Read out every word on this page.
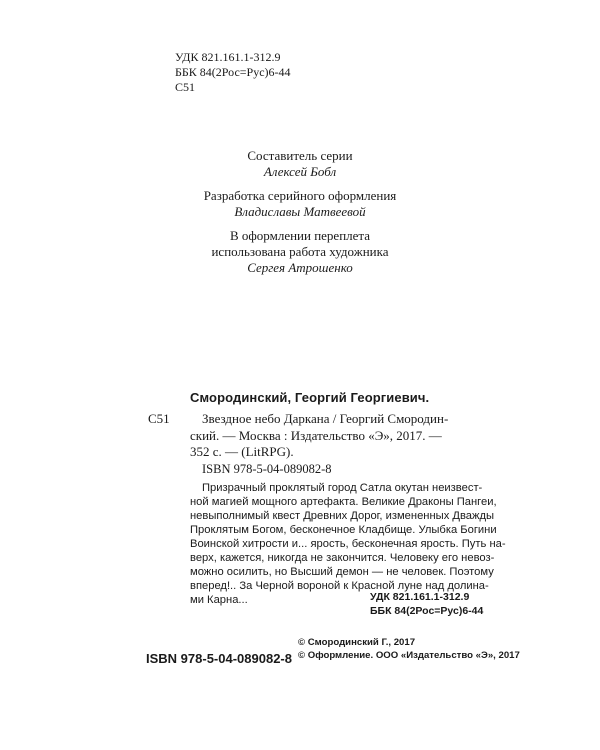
УДК 821.161.1-312.9
ББК 84(2Рос=Рус)6-44
С51
Составитель серии
Алексей Бобл
Разработка серийного оформления
Владиславы Матвеевой
В оформлении переплета
использована работа художника
Сергея Атрошенко
Смородинский, Георгий Георгиевич.
С51	Звездное небо Даркана / Георгий Смородин-
ский. — Москва : Издательство «Э», 2017. —
352 с. — (LitRPG).
ISBN 978-5-04-089082-8
Призрачный проклятый город Сатла окутан неизвест-
ной магией мощного артефакта. Великие Драконы Пангеи,
невыполнимый квест Древних Дорог, измененных Дважды
Проклятым Богом, бесконечное Кладбище. Улыбка Богини
Воинской хитрости и... ярость, бесконечная ярость. Путь на-
верх, кажется, никогда не закончится. Человеку его невоз-
можно осилить, но Высший демон — не человек. Поэтому
вперед!.. За Черной вороной к Красной луне над долина-
ми Карна...	УДК 821.161.1-312.9
ББК 84(2Рос=Рус)6-44
ISBN 978-5-04-089082-8
© Смородинский Г., 2017
© Оформление. ООО «Издательство «Э», 2017
